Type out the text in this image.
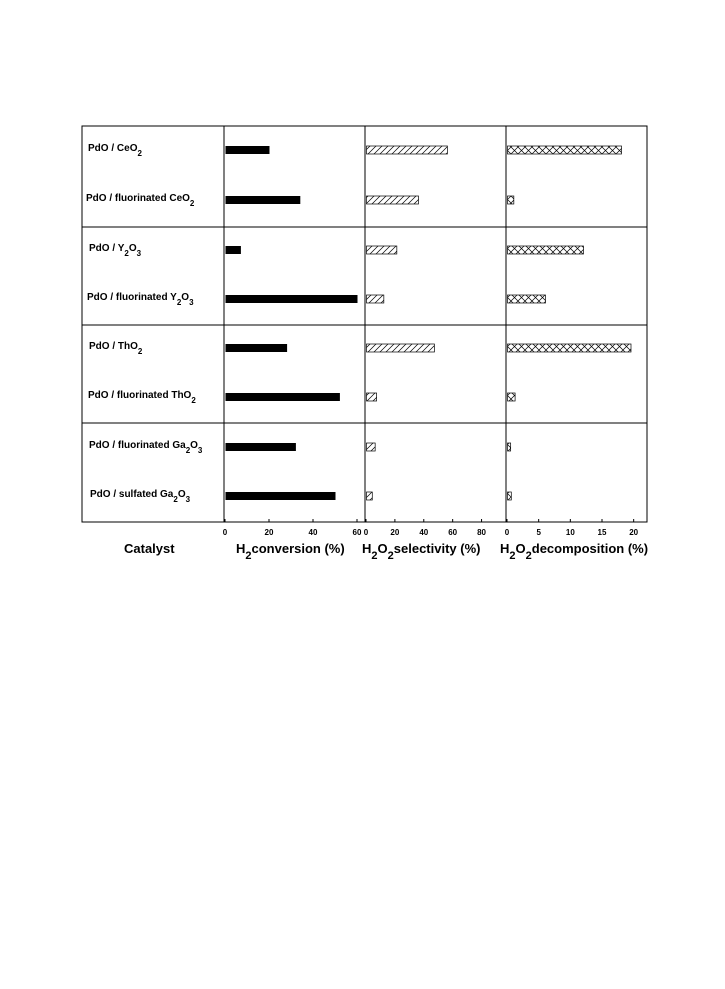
0	20	40	60 0	20 40 60 80 0	5	10	15	20
PdO / CeO$_2$
PdO / fluorinated CeO$_2$
PdO / $Y_2O_3$
PdO / fluorinated $Y_2O_3$
PdO / ThO$_2$
PdO / fluorinated ThO$_2$
PdO / fluorinated $Ga_2O_3$
PdO / sulfated $Ga_2O_3$
Catalyst	$H_2conversion$ (%) $H_2O_2selectivity$ (%) $H_2O_2decomposition$ (%)
